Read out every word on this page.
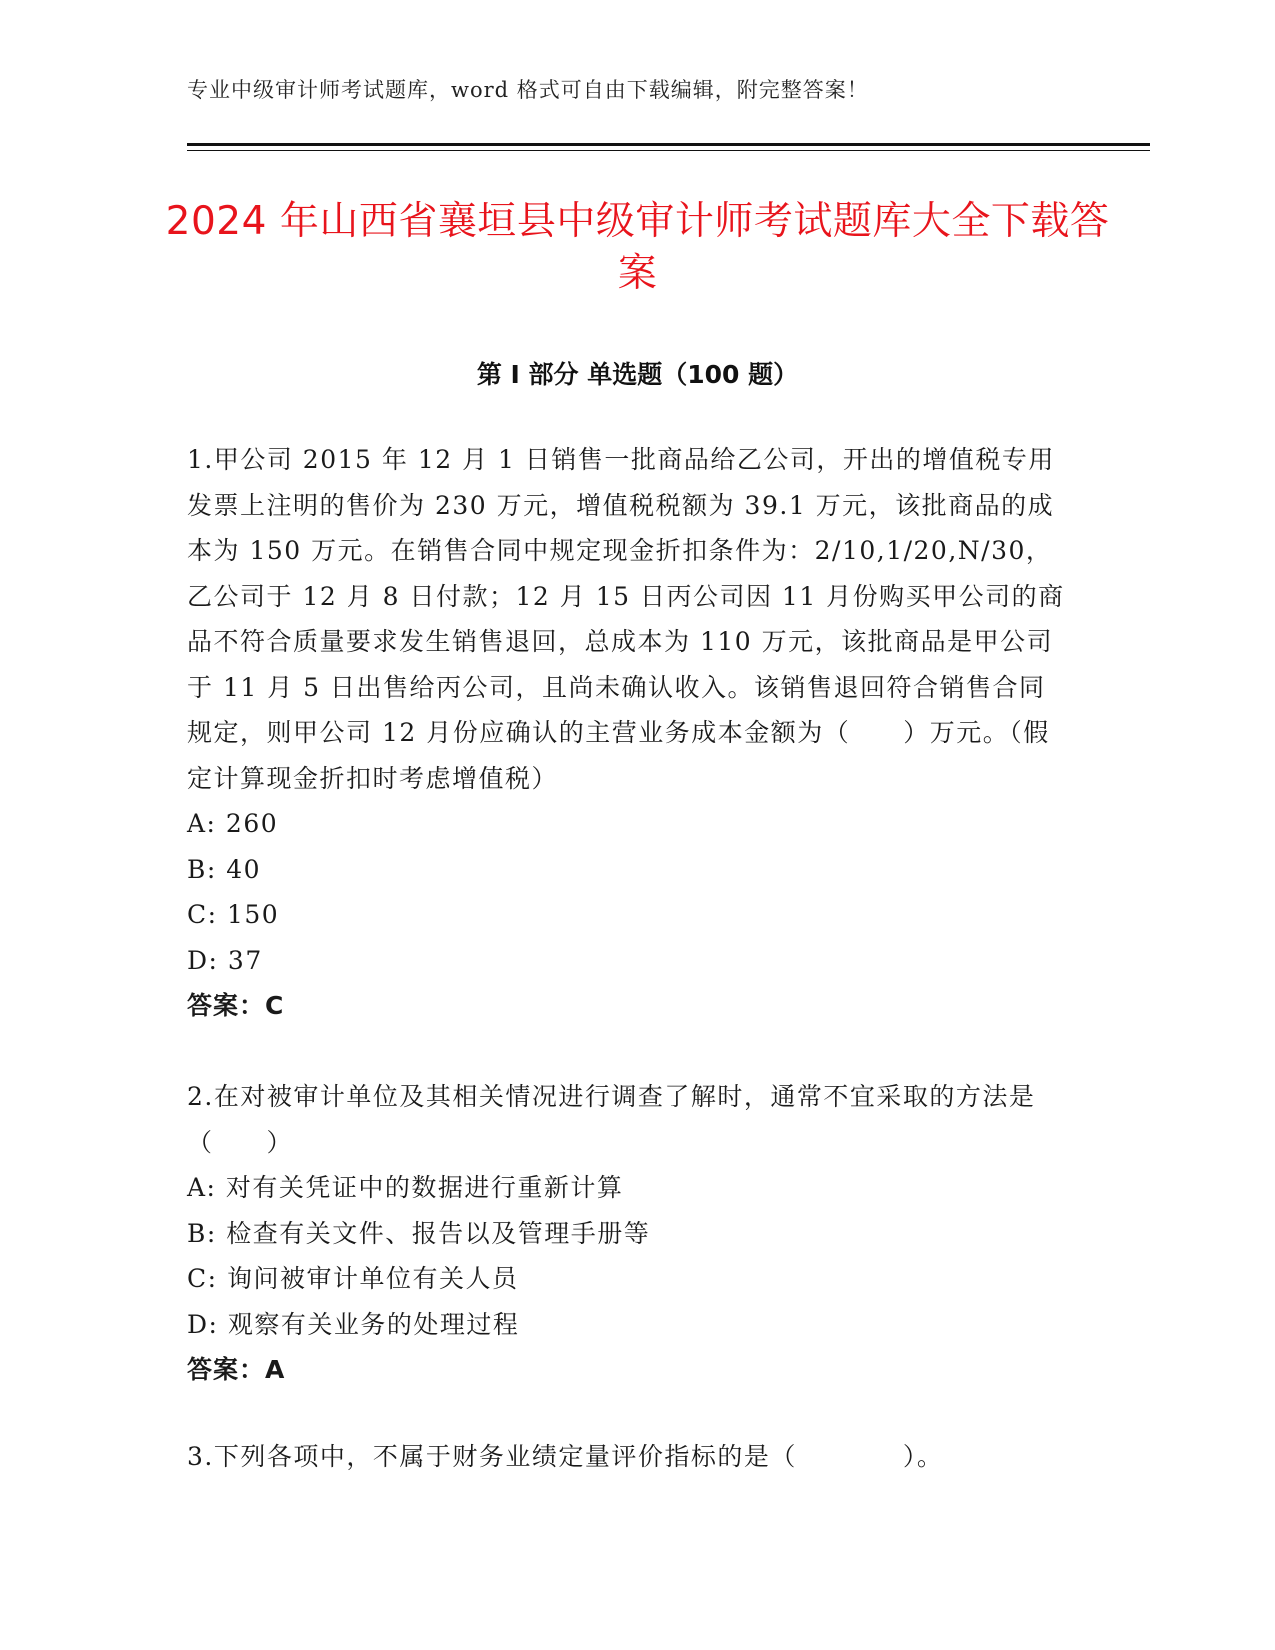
专业中级审计师考试题库，word 格式可自由下载编辑，附完整答案！
2024 年山西省襄垣县中级审计师考试题库大全下载答案
第 I 部分 单选题（100 题）

1.甲公司 2015 年 12 月 1 日销售一批商品给乙公司，开出的增值税专用发票上注明的售价为 230 万元，增值税税额为 39.1 万元，该批商品的成本为 150 万元。在销售合同中规定现金折扣条件为：2/10,1/20,N/30，乙公司于 12 月 8 日付款；12 月 15 日丙公司因 11 月份购买甲公司的商品不符合质量要求发生销售退回，总成本为 110 万元，该批商品是甲公司于 11 月 5 日出售给丙公司，且尚未确认收入。该销售退回符合销售合同规定，则甲公司 12 月份应确认的主营业务成本金额为（　　）万元。（假定计算现金折扣时考虑增值税）

A: 260

B: 40

C: 150

D: 37

答案：C

2.在对被审计单位及其相关情况进行调查了解时，通常不宜采取的方法是（　　）

A: 对有关凭证中的数据进行重新计算

B: 检查有关文件、报告以及管理手册等

C: 询问被审计单位有关人员

D: 观察有关业务的处理过程

答案：A

3.下列各项中，不属于财务业绩定量评价指标的是（　　　　）。
